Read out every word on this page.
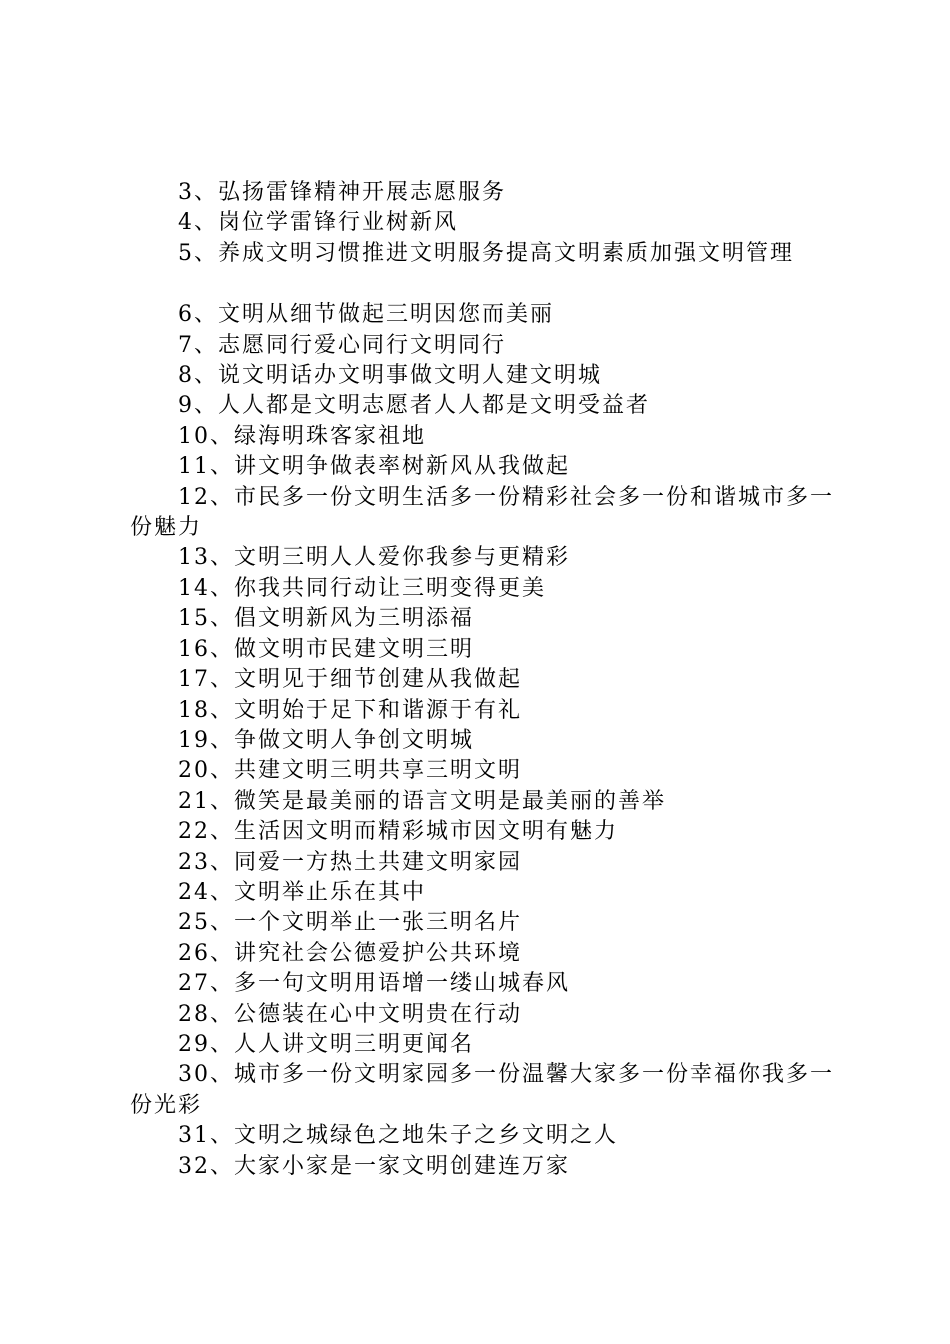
3、弘扬雷锋精神开展志愿服务
4、岗位学雷锋行业树新风
5、养成文明习惯推进文明服务提高文明素质加强文明管理
6、文明从细节做起三明因您而美丽
7、志愿同行爱心同行文明同行
8、说文明话办文明事做文明人建文明城
9、人人都是文明志愿者人人都是文明受益者
10、绿海明珠客家祖地
11、讲文明争做表率树新风从我做起
12、市民多一份文明生活多一份精彩社会多一份和谐城市多一份魅力
13、文明三明人人爱你我参与更精彩
14、你我共同行动让三明变得更美
15、倡文明新风为三明添福
16、做文明市民建文明三明
17、文明见于细节创建从我做起
18、文明始于足下和谐源于有礼
19、争做文明人争创文明城
20、共建文明三明共享三明文明
21、微笑是最美丽的语言文明是最美丽的善举
22、生活因文明而精彩城市因文明有魅力
23、同爱一方热土共建文明家园
24、文明举止乐在其中
25、一个文明举止一张三明名片
26、讲究社会公德爱护公共环境
27、多一句文明用语增一缕山城春风
28、公德装在心中文明贵在行动
29、人人讲文明三明更闻名
30、城市多一份文明家园多一份温馨大家多一份幸福你我多一份光彩
31、文明之城绿色之地朱子之乡文明之人
32、大家小家是一家文明创建连万家
